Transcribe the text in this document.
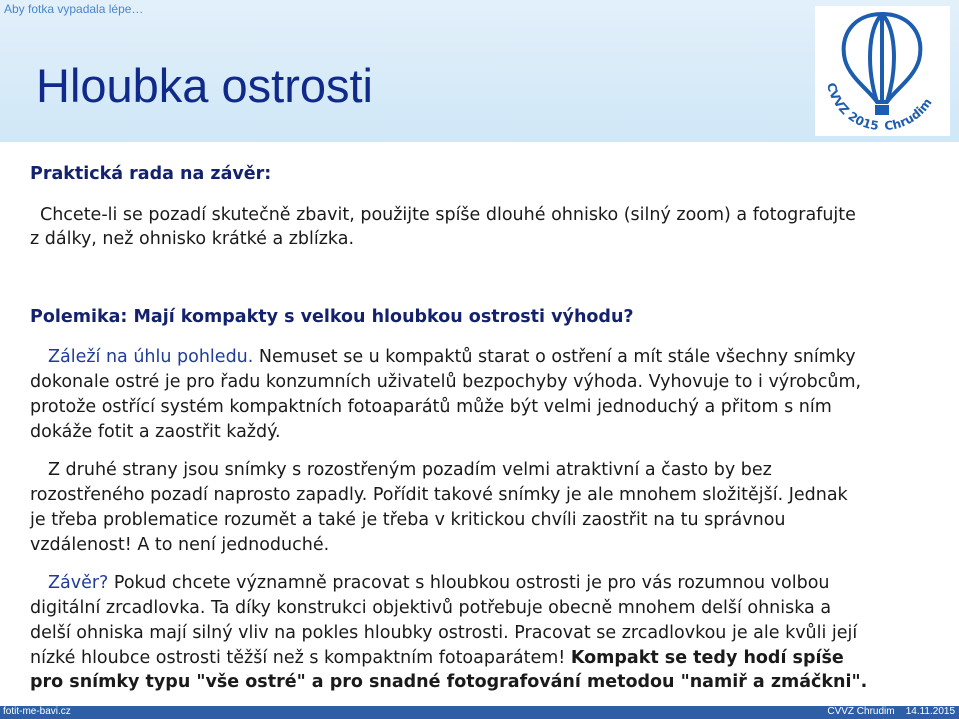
Aby fotka vypadala lépe…
Hloubka ostrosti	CVVZ 2015 Chrudim
Praktická rada na závěr:
Chcete-li se pozadí skutečně zbavit, použijte spíše dlouhé ohnisko (silný zoom) a fotografujte
z dálky, než ohnisko krátké a zblízka.
Polemika: Mají kompakty s velkou hloubkou ostrosti výhodu?
Záleží na úhlu pohledu. Nemuset se u kompaktů starat o ostření a mít stále všechny snímky
dokonale ostré je pro řadu konzumních uživatelů bezpochyby výhoda. Vyhovuje to i výrobcům,
protože ostřící systém kompaktních fotoaparátů může být velmi jednoduchý a přitom s ním
dokáže fotit a zaostřit každý.
Z druhé strany jsou snímky s rozostřeným pozadím velmi atraktivní a často by bez
rozostřeného pozadí naprosto zapadly. Pořídit takové snímky je ale mnohem složitější. Jednak
je třeba problematice rozumět a také je třeba v kritickou chvíli zaostřit na tu správnou
vzdálenost! A to není jednoduché.
Závěr? Pokud chcete významně pracovat s hloubkou ostrosti je pro vás rozumnou volbou
digitální zrcadlovka. Ta díky konstrukci objektivů potřebuje obecně mnohem delší ohniska a
delší ohniska mají silný vliv na pokles hloubky ostrosti. Pracovat se zrcadlovkou je ale kvůli její
nízké hloubce ostrosti těžší než s kompaktním fotoaparátem! Kompakt se tedy hodí spíše
pro snímky typu "vše ostré" a pro snadné fotografování metodou "namiř a zmáčkni".
fotit-me-bavi.cz	CVVZ Chrudim    14.11.2015
